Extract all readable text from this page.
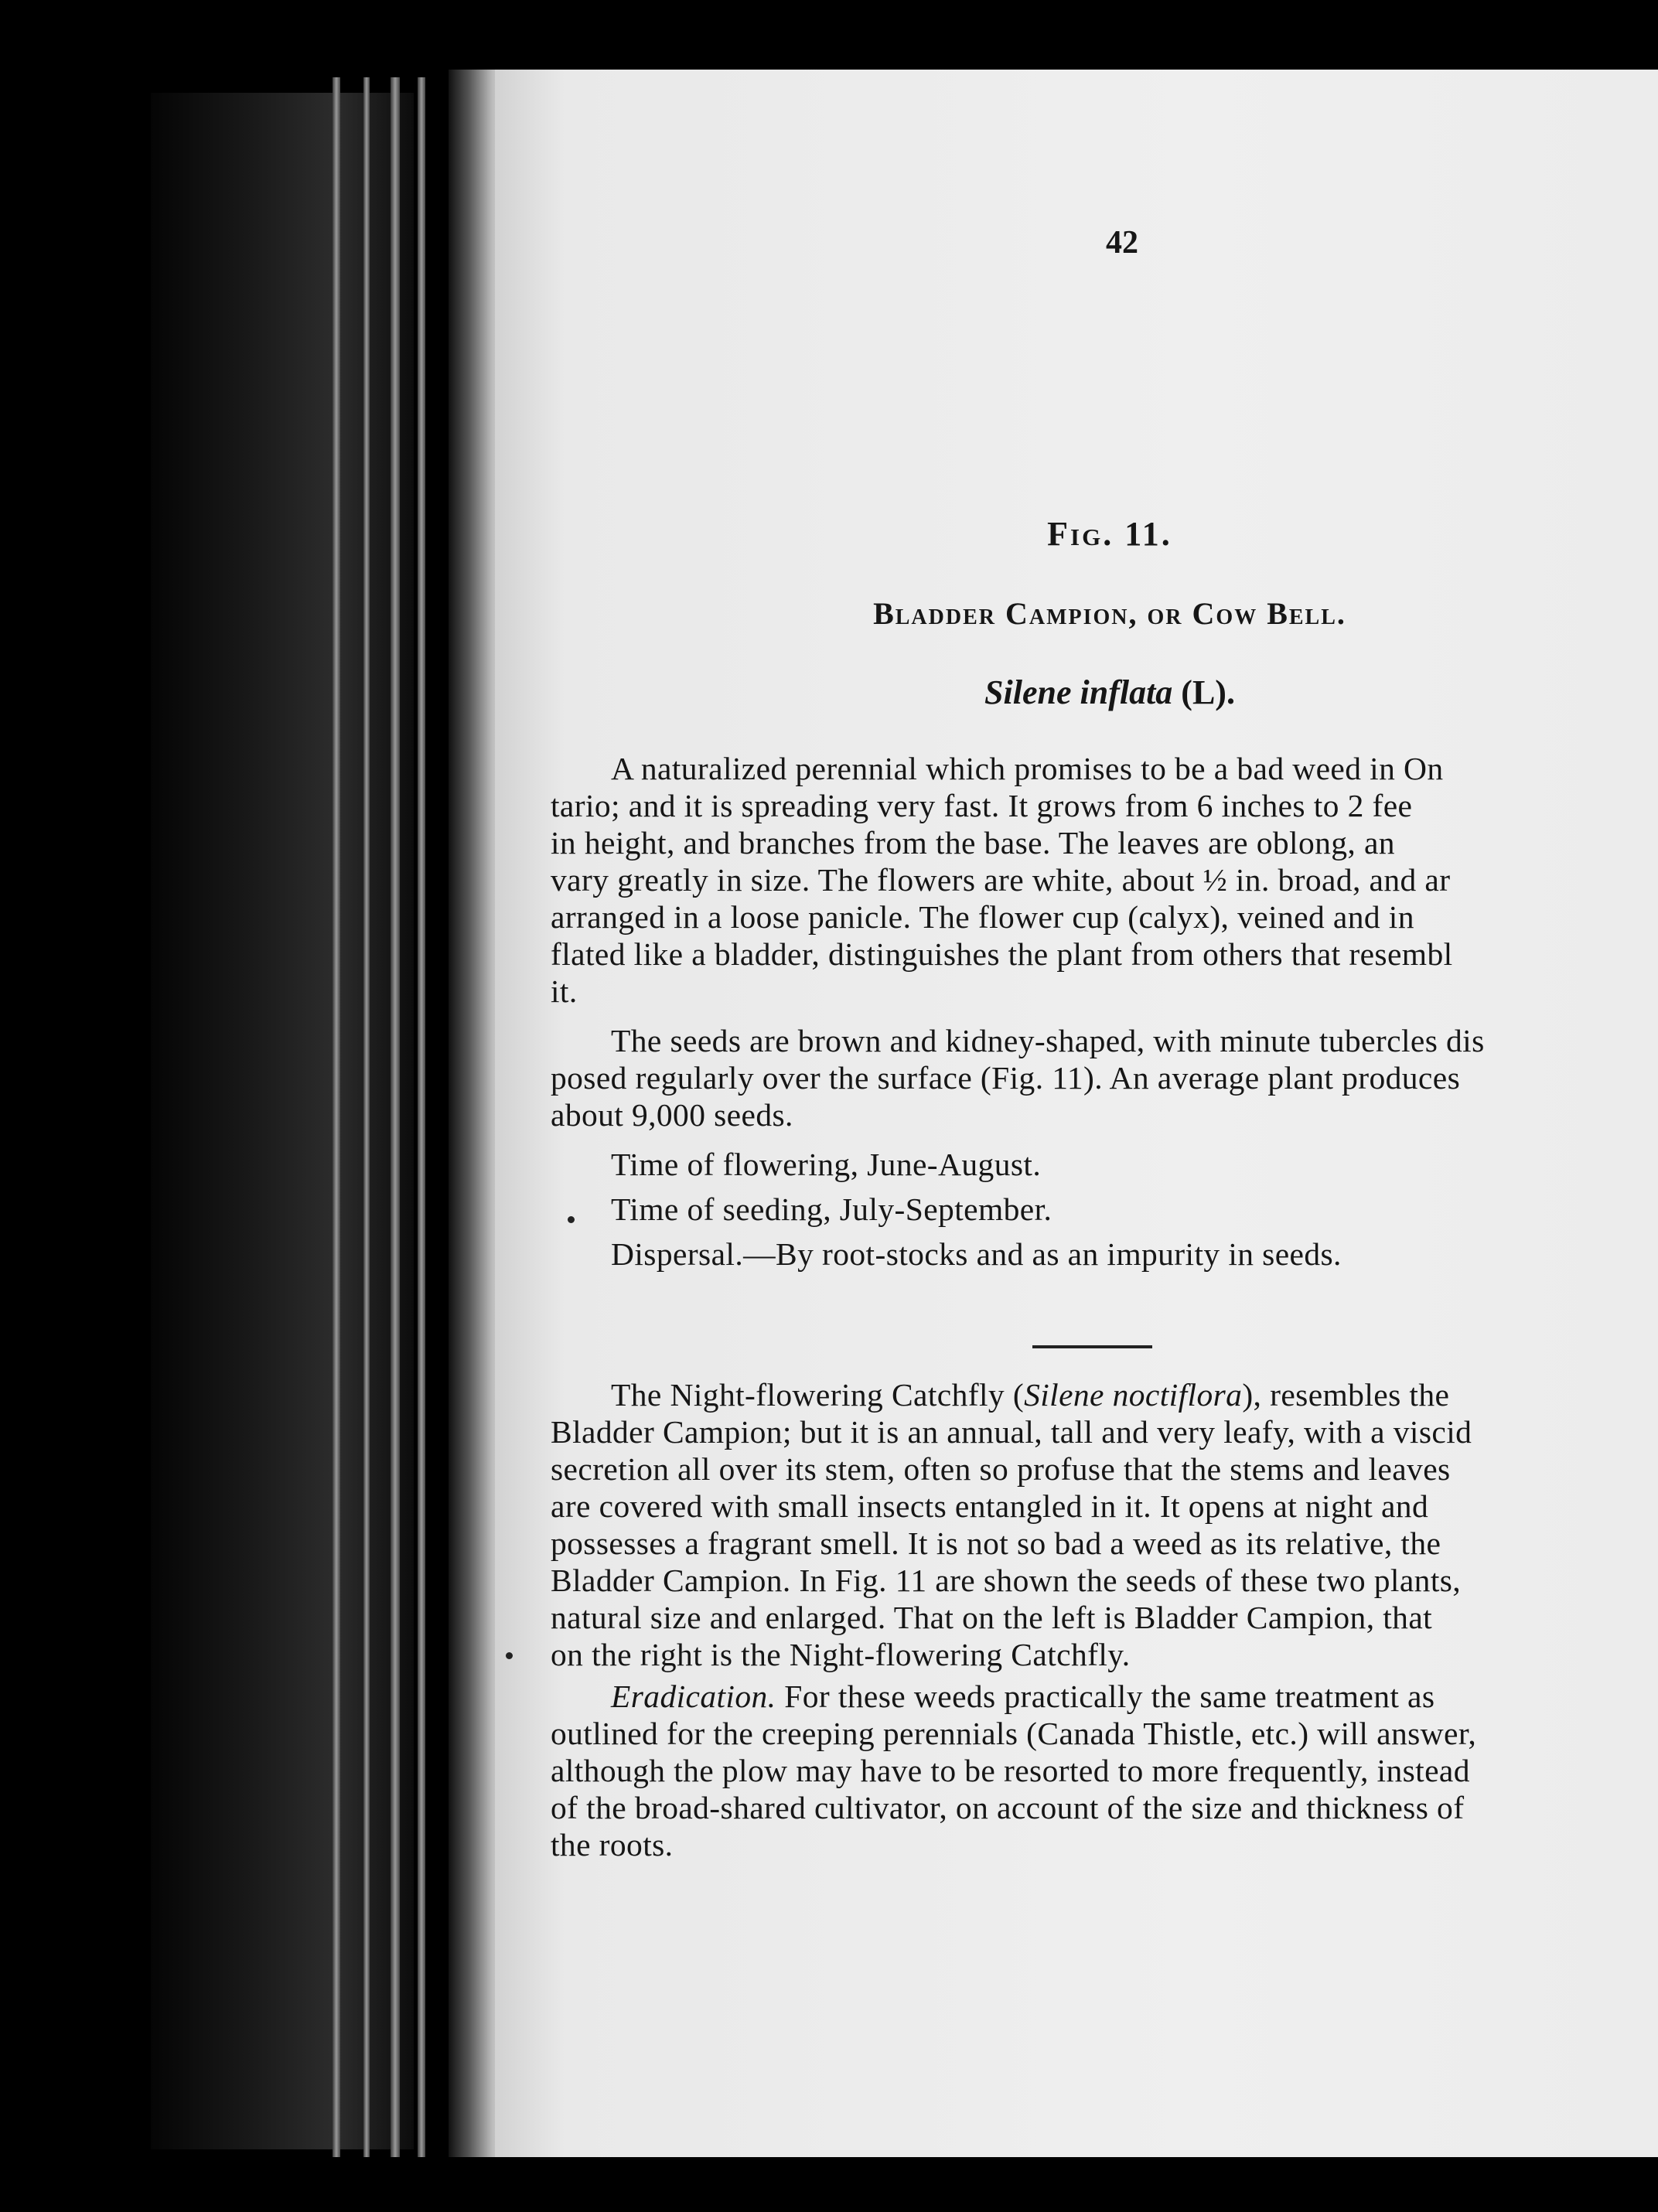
42
Fig. 11.
Bladder Campion, or Cow Bell.
Silene inflata (L).
A naturalized perennial which promises to be a bad weed in On
tario; and it is spreading very fast. It grows from 6 inches to 2 fee
in height, and branches from the base. The leaves are oblong, an
vary greatly in size. The flowers are white, about ½ in. broad, and ar
arranged in a loose panicle. The flower cup (calyx), veined and in
flated like a bladder, distinguishes the plant from others that resembl
it.
The seeds are brown and kidney-shaped, with minute tubercles dis
posed regularly over the surface (Fig. 11). An average plant produces
about 9,000 seeds.
Time of flowering, June-August.
Time of seeding, July-September.
Dispersal.—By root-stocks and as an impurity in seeds.
The Night-flowering Catchfly (Silene noctiflora), resembles the
Bladder Campion; but it is an annual, tall and very leafy, with a viscid
secretion all over its stem, often so profuse that the stems and leaves
are covered with small insects entangled in it. It opens at night and
possesses a fragrant smell. It is not so bad a weed as its relative, the
Bladder Campion. In Fig. 11 are shown the seeds of these two plants,
natural size and enlarged. That on the left is Bladder Campion, that
on the right is the Night-flowering Catchfly.
Eradication. For these weeds practically the same treatment as
outlined for the creeping perennials (Canada Thistle, etc.) will answer,
although the plow may have to be resorted to more frequently, instead
of the broad-shared cultivator, on account of the size and thickness of
the roots.
